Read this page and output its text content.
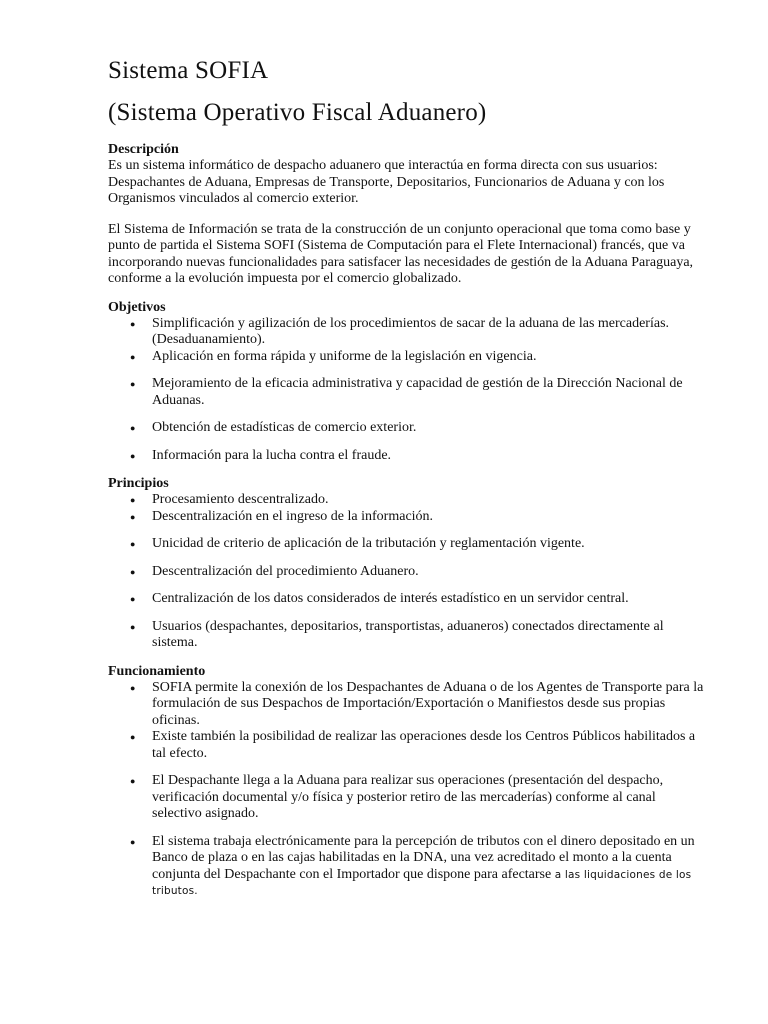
Sistema SOFIA
(Sistema Operativo Fiscal Aduanero)
Descripción

Es un sistema informático de despacho aduanero que interactúa en forma directa con sus usuarios: Despachantes de Aduana, Empresas de Transporte, Depositarios, Funcionarios de Aduana y con los Organismos vinculados al comercio exterior.

El Sistema de Información se trata de la construcción de un conjunto operacional que toma como base y punto de partida el Sistema SOFI (Sistema de Computación para el Flete Internacional) francés, que va incorporando nuevas funcionalidades para satisfacer las necesidades de gestión de la Aduana Paraguaya, conforme a la evolución impuesta por el comercio globalizado.

Objetivos
● Simplificación y agilización de los procedimientos de sacar de la aduana de las mercaderías. (Desaduanamiento).
● Aplicación en forma rápida y uniforme de la legislación en vigencia.
● Mejoramiento de la eficacia administrativa y capacidad de gestión de la Dirección Nacional de Aduanas.
● Obtención de estadísticas de comercio exterior.
● Información para la lucha contra el fraude.
Principios
● Procesamiento descentralizado.
● Descentralización en el ingreso de la información.
● Unicidad de criterio de aplicación de la tributación y reglamentación vigente.
● Descentralización del procedimiento Aduanero.
● Centralización de los datos considerados de interés estadístico en un servidor central.
● Usuarios (despachantes, depositarios, transportistas, aduaneros) conectados directamente al sistema.
Funcionamiento
● SOFIA permite la conexión de los Despachantes de Aduana o de los Agentes de Transporte para la formulación de sus Despachos de Importación/Exportación o Manifiestos desde sus propias oficinas.
● Existe también la posibilidad de realizar las operaciones desde los Centros Públicos habilitados a tal efecto.
● El Despachante llega a la Aduana para realizar sus operaciones (presentación del despacho, verificación documental y/o física y posterior retiro de las mercaderías) conforme al canal selectivo asignado.
● El sistema trabaja electrónicamente para la percepción de tributos con el dinero depositado en un Banco de plaza o en las cajas habilitadas en la DNA, una vez acreditado el monto a la cuenta conjunta del Despachante con el Importador que dispone para afectarse a las liquidaciones de los tributos.
